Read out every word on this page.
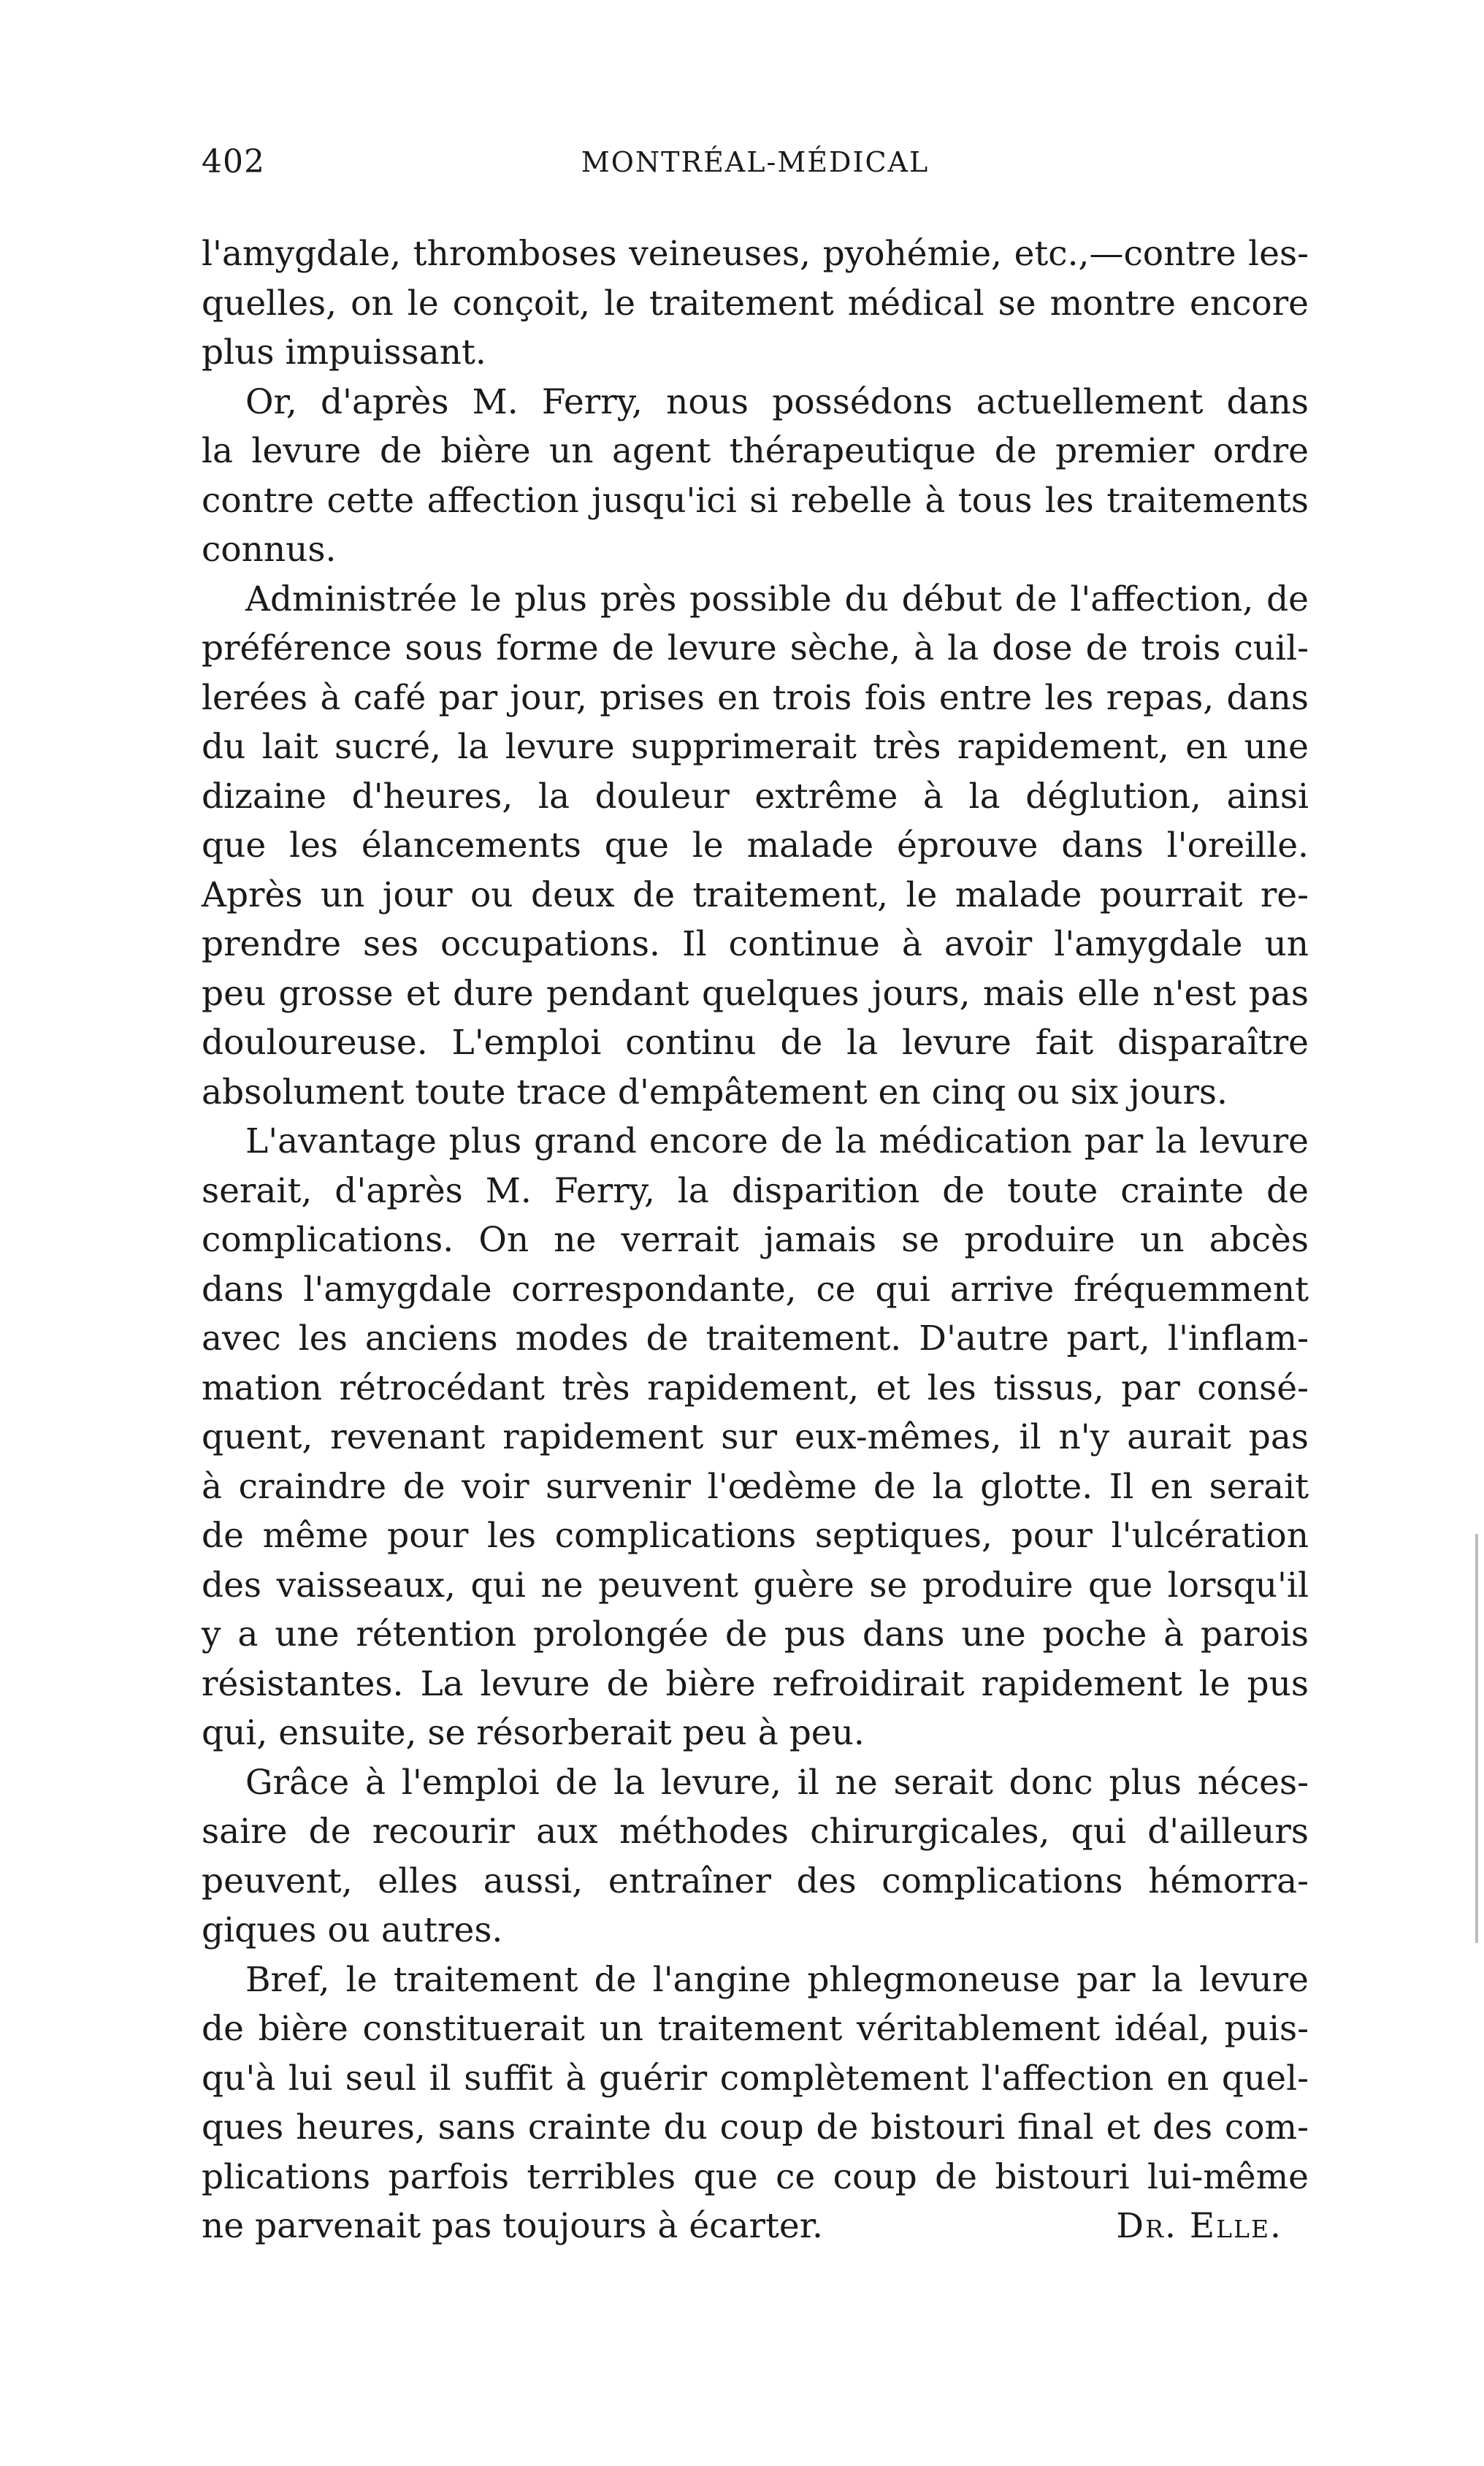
402	MONTRÉAL-MÉDICAL
l'amygdale, thromboses veineuses, pyohémie, etc.,—contre les-
quelles, on le conçoit, le traitement médical se montre encore
plus impuissant.
Or, d'après M. Ferry, nous possédons actuellement dans
la levure de bière un agent thérapeutique de premier ordre
contre cette affection jusqu'ici si rebelle à tous les traitements
connus.
Administrée le plus près possible du début de l'affection, de
préférence sous forme de levure sèche, à la dose de trois cuil-
lerées à café par jour, prises en trois fois entre les repas, dans
du lait sucré, la levure supprimerait très rapidement, en une
dizaine d'heures, la douleur extrême à la déglution, ainsi
que les élancements que le malade éprouve dans l'oreille.
Après un jour ou deux de traitement, le malade pourrait re-
prendre ses occupations. Il continue à avoir l'amygdale un
peu grosse et dure pendant quelques jours, mais elle n'est pas
douloureuse. L'emploi continu de la levure fait disparaître
absolument toute trace d'empâtement en cinq ou six jours.
L'avantage plus grand encore de la médication par la levure
serait, d'après M. Ferry, la disparition de toute crainte de
complications. On ne verrait jamais se produire un abcès
dans l'amygdale correspondante, ce qui arrive fréquemment
avec les anciens modes de traitement. D'autre part, l'inflam-
mation rétrocédant très rapidement, et les tissus, par consé-
quent, revenant rapidement sur eux-mêmes, il n'y aurait pas
à craindre de voir survenir l'œdème de la glotte. Il en serait
de même pour les complications septiques, pour l'ulcération
des vaisseaux, qui ne peuvent guère se produire que lorsqu'il
y a une rétention prolongée de pus dans une poche à parois
résistantes. La levure de bière refroidirait rapidement le pus
qui, ensuite, se résorberait peu à peu.
Grâce à l'emploi de la levure, il ne serait donc plus néces-
saire de recourir aux méthodes chirurgicales, qui d'ailleurs
peuvent, elles aussi, entraîner des complications hémorra-
giques ou autres.
Bref, le traitement de l'angine phlegmoneuse par la levure
de bière constituerait un traitement véritablement idéal, puis-
qu'à lui seul il suffit à guérir complètement l'affection en quel-
ques heures, sans crainte du coup de bistouri final et des com-
plications parfois terribles que ce coup de bistouri lui-même
ne parvenait pas toujours à écarter.	Dr. Elle.
